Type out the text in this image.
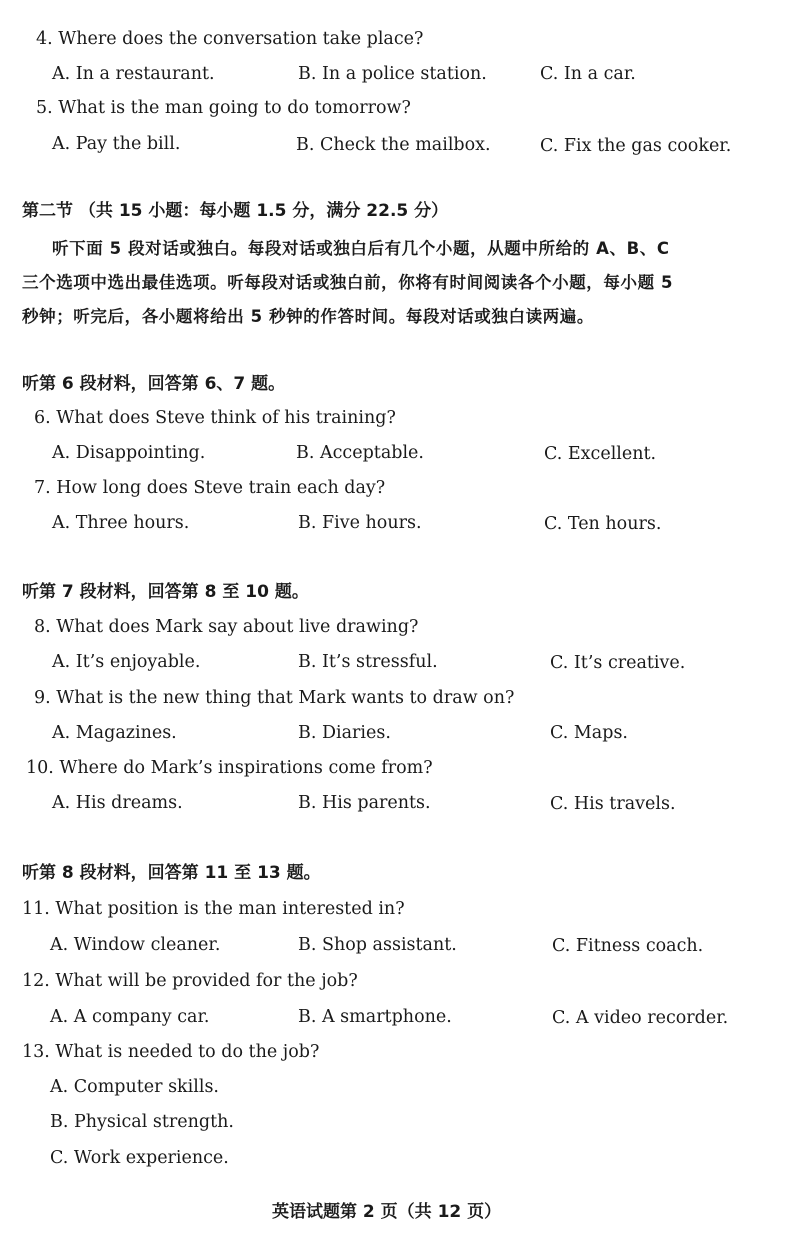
4. Where does the conversation take place?
A. In a restaurant.	B. In a police station.	C. In a car.
5. What is the man going to do tomorrow?
A. Pay the bill.	B. Check the mailbox.	C. Fix the gas cooker.
第二节 （共 15 小题：每小题 1.5 分，满分 22.5 分）
听下面 5 段对话或独白。每段对话或独白后有几个小题，从题中所给的 A、B、C
三个选项中选出最佳选项。听每段对话或独白前，你将有时间阅读各个小题，每小题 5
秒钟；听完后，各小题将给出 5 秒钟的作答时间。每段对话或独白读两遍。
听第 6 段材料，回答第 6、7 题。
6. What does Steve think of his training?
A. Disappointing.	B. Acceptable.	C. Excellent.
7. How long does Steve train each day?
A. Three hours.	B. Five hours.	C. Ten hours.
听第 7 段材料，回答第 8 至 10 题。
8. What does Mark say about live drawing?
A. It’s enjoyable.	B. It’s stressful.	C. It’s creative.
9. What is the new thing that Mark wants to draw on?
A. Magazines.	B. Diaries.	C. Maps.
10. Where do Mark’s inspirations come from?
A. His dreams.	B. His parents.	C. His travels.
听第 8 段材料，回答第 11 至 13 题。
11. What position is the man interested in?
A. Window cleaner.	B. Shop assistant.	C. Fitness coach.
12. What will be provided for the job?
A. A company car.	B. A smartphone.	C. A video recorder.
13. What is needed to do the job?
A. Computer skills.
B. Physical strength.
C. Work experience.
英语试题第 2 页（共 12 页）
